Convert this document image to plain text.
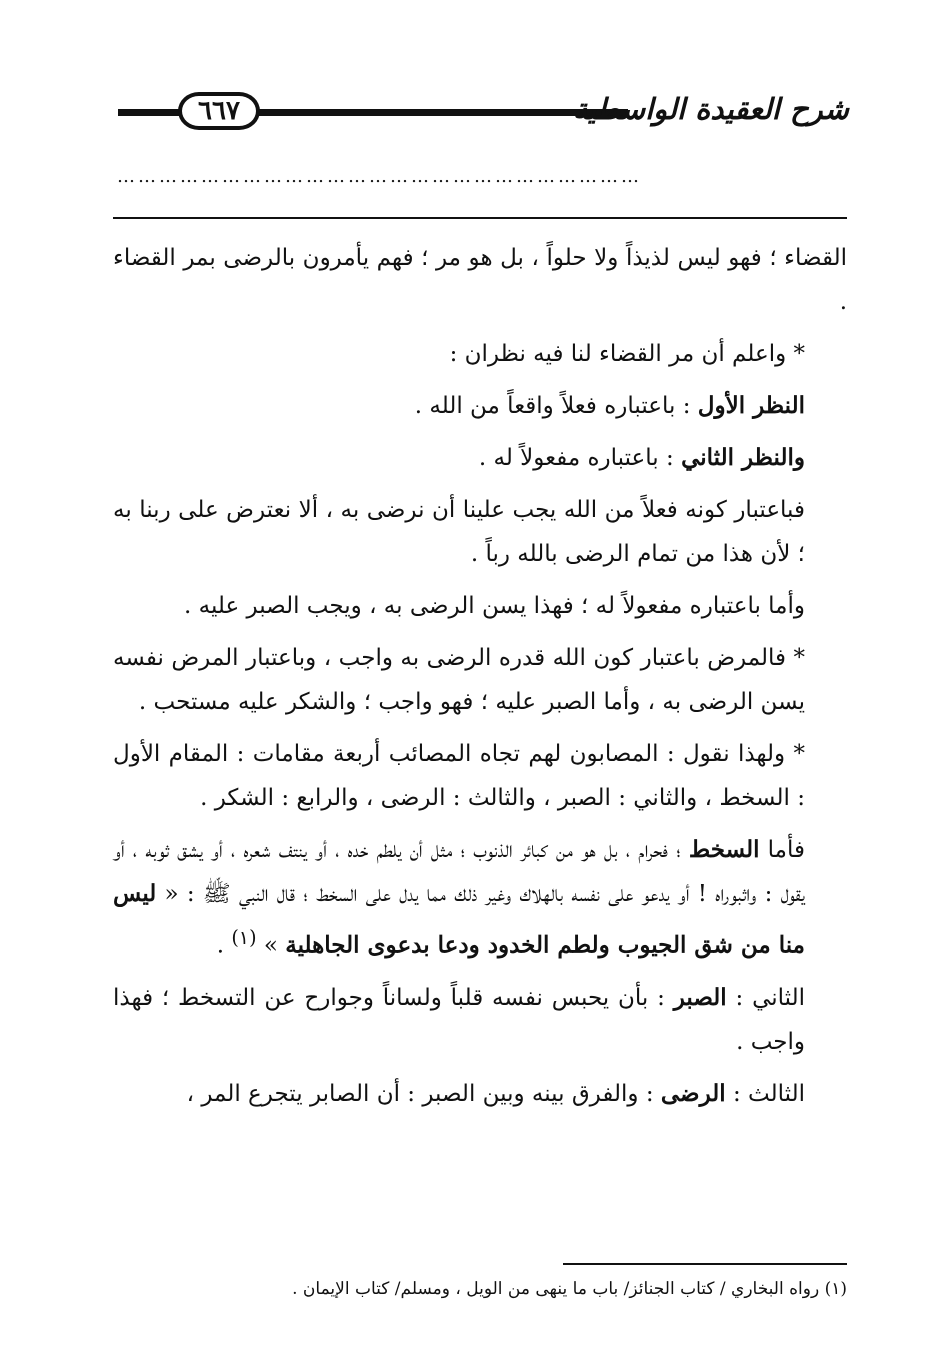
٦٦٧	شرح العقيدة الواسطية
…………………………………………………………………

القضاء ؛ فهو ليس لذيذاً ولا حلواً ، بل هو مر ؛ فهم يأمرون بالرضى بمر القضاء .

* واعلم أن مر القضاء لنا فيه نظران :

النظر الأول : باعتباره فعلاً واقعاً من الله .

والنظر الثاني : باعتباره مفعولاً له .

فباعتبار كونه فعلاً من الله يجب علينا أن نرضى به ، ألا نعترض على ربنا به ؛ لأن هذا من تمام الرضى بالله رباً .

وأما باعتباره مفعولاً له ؛ فهذا يسن الرضى به ، ويجب الصبر عليه .

* فالمرض باعتبار كون الله قدره الرضى به واجب ، وباعتبار المرض نفسه يسن الرضى به ، وأما الصبر عليه ؛ فهو واجب ؛ والشكر عليه مستحب .

* ولهذا نقول : المصابون لهم تجاه المصائب أربعة مقامات : المقام الأول : السخط ، والثاني : الصبر ، والثالث : الرضى ، والرابع : الشكر .

فأما السخط ؛ فحرام ، بل هو من كبائر الذنوب ؛ مثل أن يلطم خده ، أو ينتف شعره ، أو يشق ثوبه ، أو يقول : واثبوراه ! أو يدعو على نفسه بالهلاك وغير ذلك مما يدل على السخط ؛ قال النبي ﷺ : « ليس منا من شق الجيوب ولطم الخدود ودعا بدعوى الجاهلية » $^{(١)}$ .

الثاني : الصبر : بأن يحبس نفسه قلباً ولساناً وجوارح عن التسخط ؛ فهذا واجب .

الثالث : الرضى : والفرق بينه وبين الصبر : أن الصابر يتجرع المر ،

(١) رواه البخاري / كتاب الجنائز/ باب ما ينهى من الويل ، ومسلم/ كتاب الإيمان .
